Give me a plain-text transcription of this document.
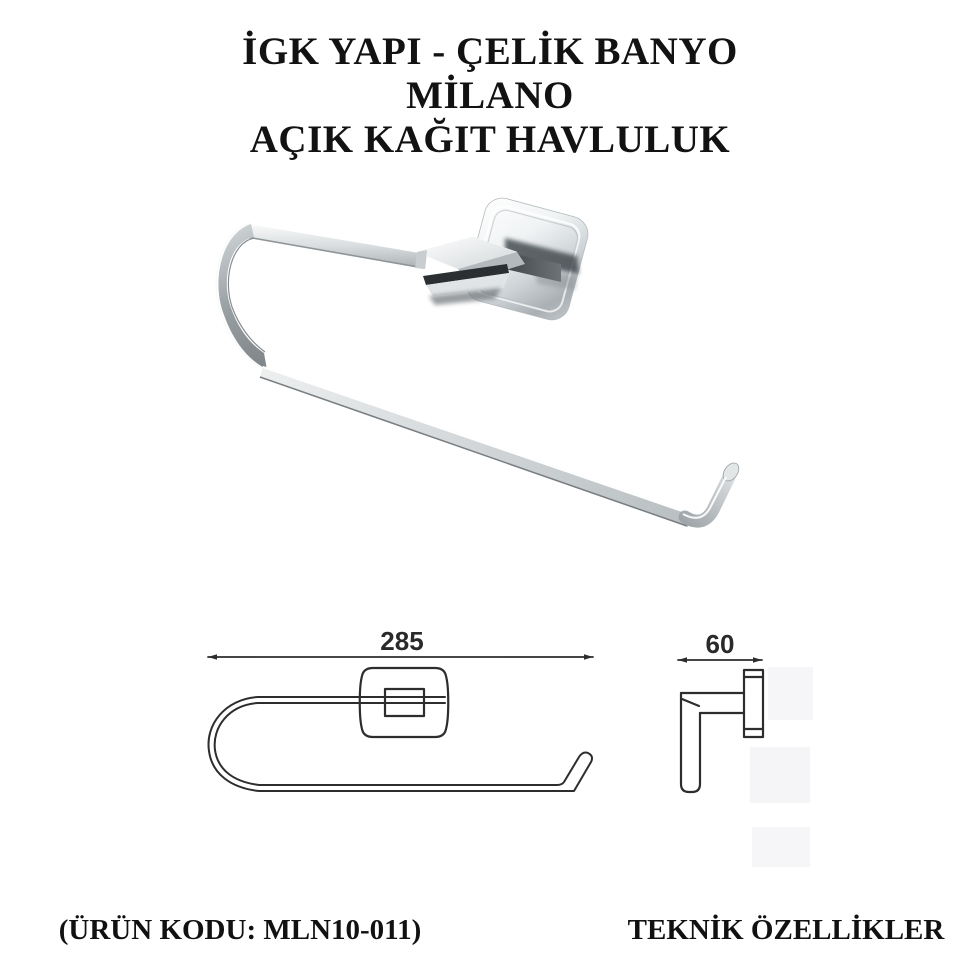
İGK YAPI - ÇELİK BANYO
MİLANO
AÇIK KAĞIT HAVLULUK
285	60
(ÜRÜN KODU: MLN10-011)	TEKNİK ÖZELLİKLER
